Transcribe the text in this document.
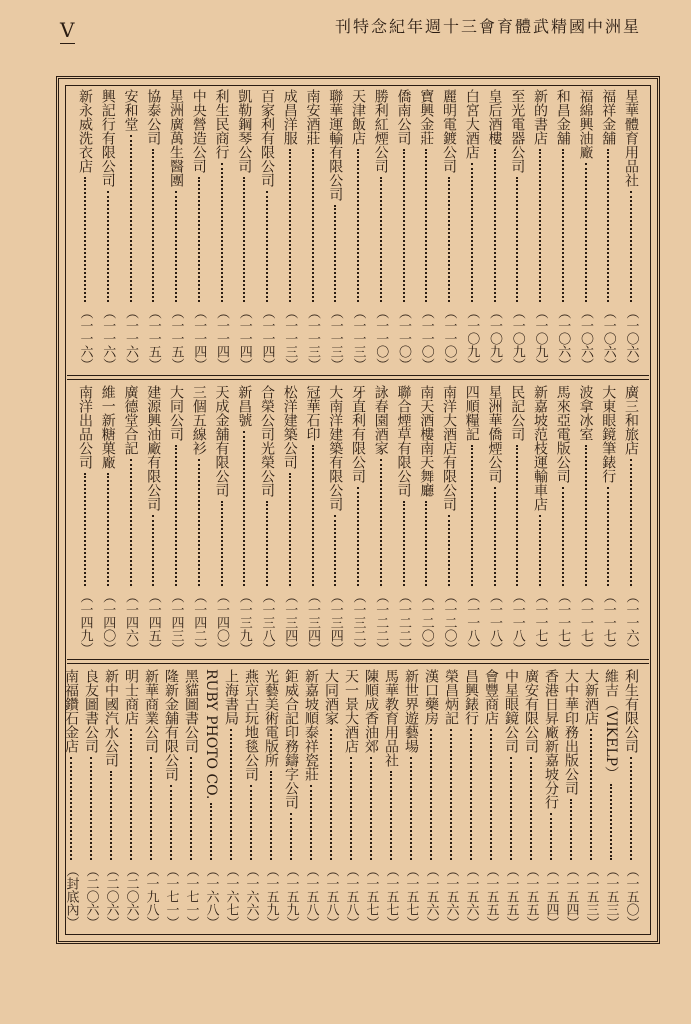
V	星洲中國精武體育會三十週年紀念特刊
星華體育用品社
（一〇六）
福祥金舖
（一〇六）
福綿興油廠
（一〇六）
和昌金舖
（一〇六）
新的書店
（一〇九）
至光電器公司
（一〇九）
皇后酒樓
（一〇九）
白宮大酒店
（一〇九）
麗明電鍍公司
（一一〇）
寶興金莊
（一一〇）
僑南公司
（一一〇）
勝利紅煙公司
（一一〇）
天津飯店
（一一三）
聯華運輸有限公司
（一一三）
南安酒莊
（一一三）
成昌洋服
（一一三）
百家利有限公司
（一一四）
凱勒鋼琴公司
（一一四）
利生民商行
（一一四）
中央營造公司
（一一四）
星洲廣萬生醫團
（一一五）
協泰公司
（一一五）
安和堂
（一一六）
興記行有限公司
（一一六）
新永威洗衣店
（一一六）
廣三和旅店
（一一六）
大東眼鏡筆錶行
（一一七）
波拿冰室
（一一七）
馬來亞電版公司
（一一七）
新嘉坡范枝運輸車店
（一一七）
民記公司
（一一八）
星洲華僑煙公司
（一一八）
四順糧記
（一一八）
南洋大酒店有限公司
（一二〇）
南天酒樓南天舞廳
（一二〇）
聯合煙草有限公司
（一二二）
詠春園酒家
（一二二）
牙直利有限公司
（一三二）
大南洋建築有限公司
（一三四）
冠華石印
（一三四）
松洋建築公司
（一三四）
合榮公司光榮公司
（一三八）
新昌號
（一三九）
天成金舖有限公司
（一四〇）
三個五線衫
（一四二）
大同公司
（一四三）
建源興油廠有限公司
（一四五）
廣德堂合記
（一四六）
維一新糖菓廠
（一四〇）
南洋出品公司
（一四九）
利生有限公司
（一五〇）
維吉（VIKELP）
（一五三）
大新酒店
（一五三）
大中華印務出版公司
（一五四）
香港日昇廠新嘉坡分行
（一五四）
廣安有限公司
（一五五）
中星眼鏡公司
（一五五）
會豐商店
（一五五）
昌興錶行
（一五六）
榮昌炳記
（一五六）
漢口藥房
（一五六）
新世界遊藝場
（一五七）
馬華教育用品社
（一五七）
陳順成香油郊
（一五七）
天一景大酒店
（一五八）
大同酒家
（一五八）
新嘉坡順泰祥瓷莊
（一五八）
鉅威合記印務鑄字公司
（一五九）
光藝美術電版所
（一五九）
燕京古玩地毯公司
（一六六）
上海書局
（一六七）
RUBY PHOTO CO.
（一六八）
黑貓圖書公司
（一七一）
隆新金舖有限公司
（一七一）
新華商業公司
（一九八）
明士商店
（二〇六）
新中國汽水公司
（二〇六）
良友圖書公司
（二〇六）
南福鑽石金店
（封底內）
